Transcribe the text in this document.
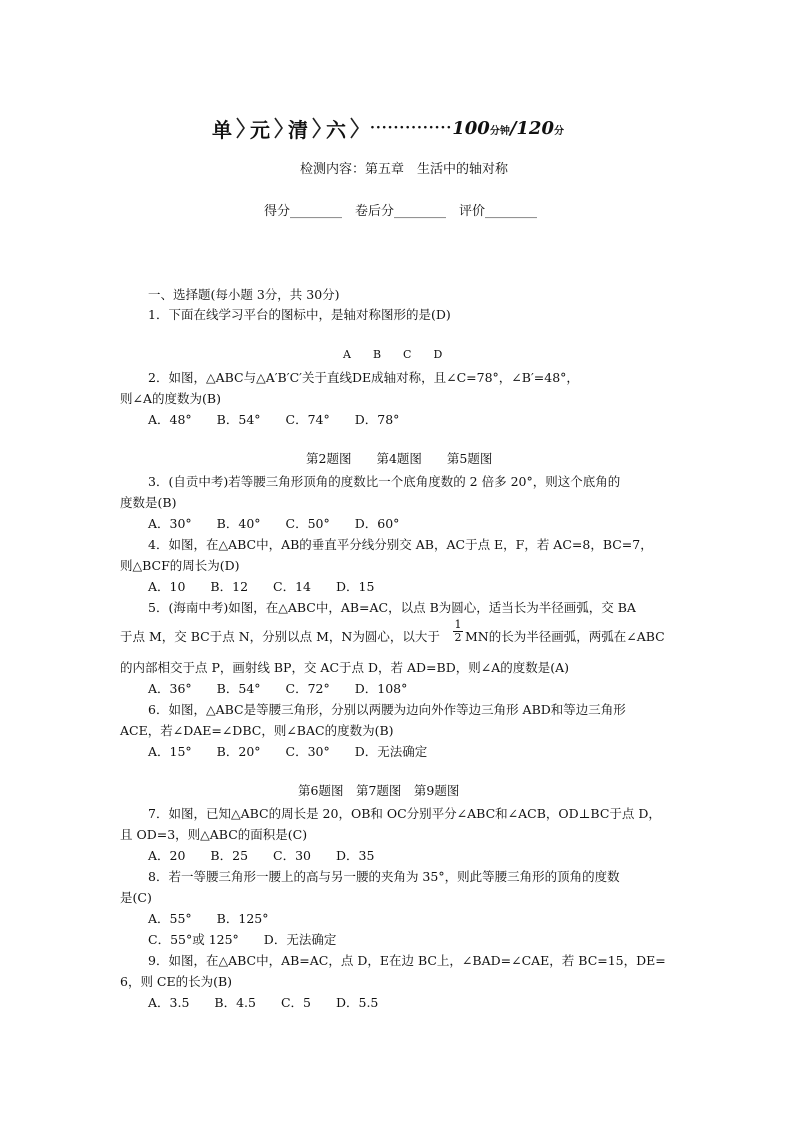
单 元 清 六 ·············· 100分钟/120分
检测内容：第五章　生活中的轴对称
得分________　卷后分________　评价________
一、选择题(每小题 3分，共 30分)
1．下面在线学习平台的图标中，是轴对称图形的是(D)
A　　B　　C　　D
2．如图，△ABC与△A′B′C′关于直线DE成轴对称，且∠C=78°，∠B′=48°，
则∠A的度数为(B)
A．48°　　B．54°　　C．74°　　D．78°
第2题图　　第4题图　　第5题图
3．(自贡中考)若等腰三角形顶角的度数比一个底角度数的 2 倍多 20°，则这个底角的
度数是(B)
A．30°　　B．40°　　C．50°　　D．60°
4．如图，在△ABC中，AB的垂直平分线分别交 AB，AC于点 E，F，若 AC=8，BC=7，
则△BCF的周长为(D)
A．10　　B．12　　C．14　　D．15
5．(海南中考)如图，在△ABC中，AB=AC，以点 B为圆心，适当长为半径画弧，交 BA
于点 M，交 BC于点 N，分别以点 M，N为圆心，以大于 $\frac{1}{2}$ MN的长为半径画弧，两弧在∠ABC
的内部相交于点 P，画射线 BP，交 AC于点 D，若 AD=BD，则∠A的度数是(A)
A．36°　　B．54°　　C．72°　　D．108°
6．如图，△ABC是等腰三角形，分别以两腰为边向外作等边三角形 ABD和等边三角形
ACE，若∠DAE=∠DBC，则∠BAC的度数为(B)
A．15°　　B．20°　　C．30°　　D．无法确定
第6题图　第7题图　第9题图
7．如图，已知△ABC的周长是 20，OB和 OC分别平分∠ABC和∠ACB，OD⊥BC于点 D，
且 OD=3，则△ABC的面积是(C)
A．20　　B．25　　C．30　　D．35
8．若一等腰三角形一腰上的高与另一腰的夹角为 35°，则此等腰三角形的顶角的度数
是(C)
A．55°　　B．125°
C．55°或 125°　　D．无法确定
9．如图，在△ABC中，AB=AC，点 D，E在边 BC上，∠BAD=∠CAE，若 BC=15，DE=
6，则 CE的长为(B)
A．3.5　　B．4.5　　C．5　　D．5.5
